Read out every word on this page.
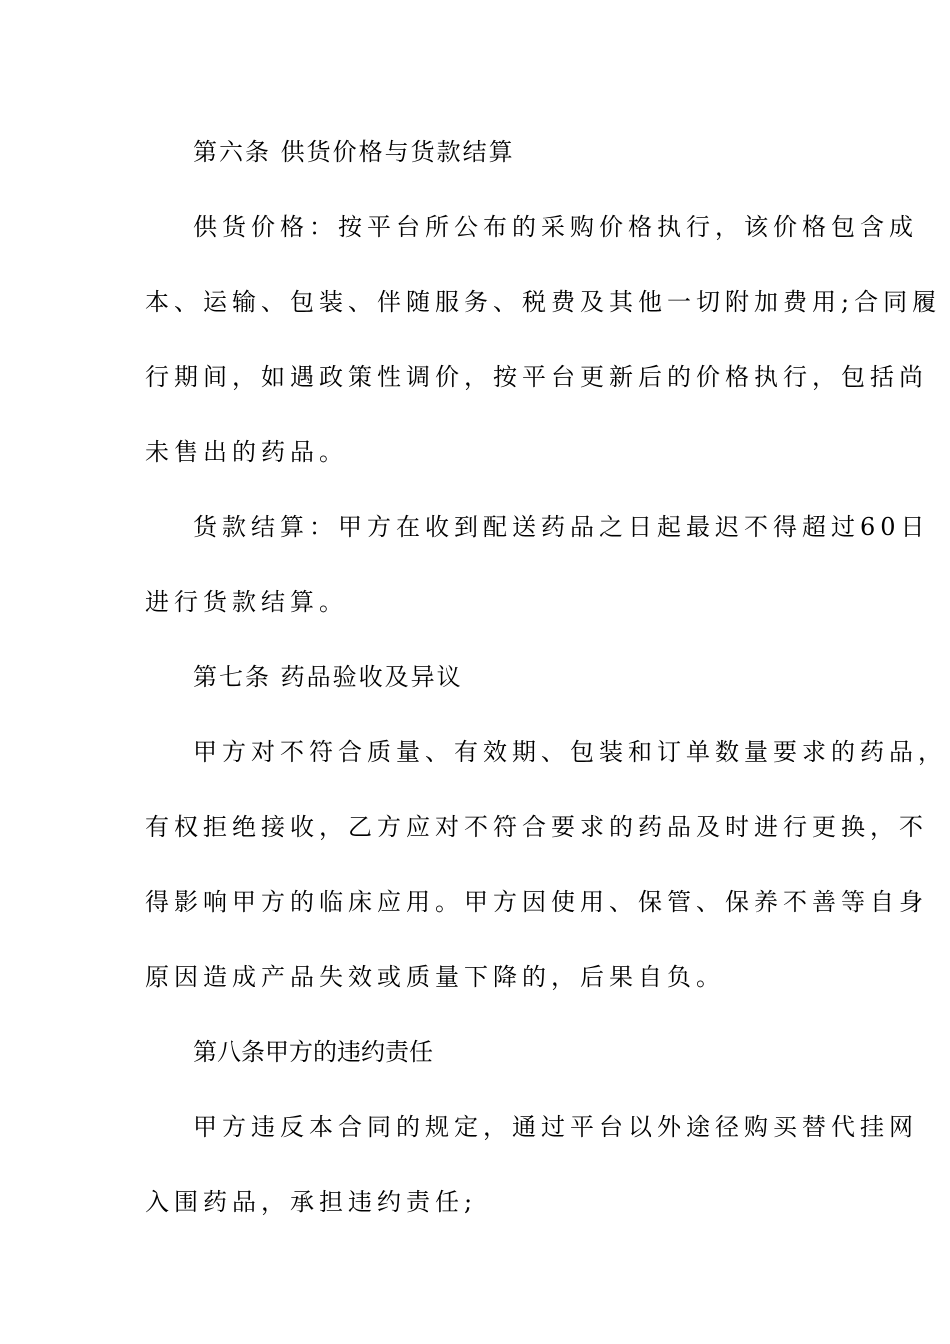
第六条 供货价格与货款结算

供货价格：按平台所公布的采购价格执行，该价格包含成

本、运输、包装、伴随服务、税费及其他一切附加费用;合同履

行期间，如遇政策性调价，按平台更新后的价格执行，包括尚

未售出的药品。

货款结算：甲方在收到配送药品之日起最迟不得超过60日

进行货款结算。

第七条 药品验收及异议

甲方对不符合质量、有效期、包装和订单数量要求的药品，

有权拒绝接收，乙方应对不符合要求的药品及时进行更换，不

得影响甲方的临床应用。甲方因使用、保管、保养不善等自身

原因造成产品失效或质量下降的，后果自负。

第八条甲方的违约责任

甲方违反本合同的规定，通过平台以外途径购买替代挂网

入围药品，承担违约责任;
